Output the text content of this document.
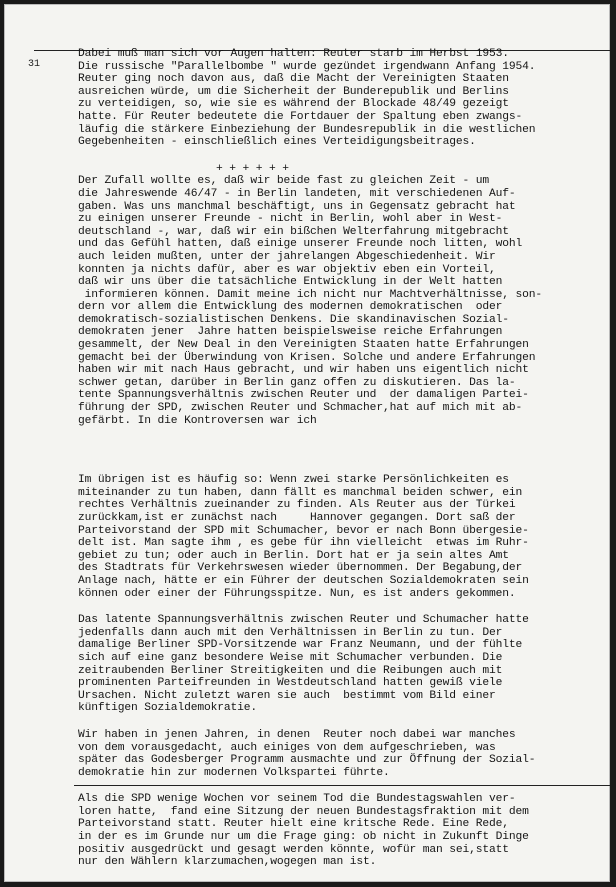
31

Dabei muß man sich vor Augen halten: Reuter starb im Herbst 1953.
Die russische "Parallelbombe " wurde gezündet irgendwann Anfang 1954.
Reuter ging noch davon aus, daß die Macht der Vereinigten Staaten
ausreichen würde, um die Sicherheit der Bunderepublik und Berlins
zu verteidigen, so, wie sie es während der Blockade 48/49 gezeigt
hatte. Für Reuter bedeutete die Fortdauer der Spaltung eben zwangs-
läufig die stärkere Einbeziehung der Bundesrepublik in die westlichen
Gegebenheiten - einschließlich eines Verteidigungsbeitrages.

+ + + + + +
Der Zufall wollte es, daß wir beide fast zu gleichen Zeit - um
die Jahreswende 46/47 - in Berlin landeten, mit verschiedenen Auf-
gaben. Was uns manchmal beschäftigt, uns in Gegensatz gebracht hat
zu einigen unserer Freunde - nicht in Berlin, wohl aber in West-
deutschland -, war, daß wir ein bißchen Welterfahrung mitgebracht
und das Gefühl hatten, daß einige unserer Freunde noch litten, wohl
auch leiden mußten, unter der jahrelangen Abgeschiedenheit. Wir
konnten ja nichts dafür, aber es war objektiv eben ein Vorteil,
daß wir uns über die tatsächliche Entwicklung in der Welt hatten
informieren können. Damit meine ich nicht nur Machtverhältnisse, son-
dern vor allem die Entwicklung des modernen demokratischen  oder
demokratisch-sozialistischen Denkens. Die skandinavischen Sozial-
demokraten jener  Jahre hatten beispielsweise reiche Erfahrungen
gesammelt, der New Deal in den Vereinigten Staaten hatte Erfahrungen
gemacht bei der Überwindung von Krisen. Solche und andere Erfahrungen
haben wir mit nach Haus gebracht, und wir haben uns eigentlich nicht
schwer getan, darüber in Berlin ganz offen zu diskutieren. Das la-
tente Spannungsverhältnis zwischen Reuter und  der damaligen Partei-
führung der SPD, zwischen Reuter und Schmacher,hat auf mich mit ab-
gefärbt. In die Kontroversen war ich

Im übrigen ist es häufig so: Wenn zwei starke Persönlichkeiten es
miteinander zu tun haben, dann fällt es manchmal beiden schwer, ein
rechtes Verhältnis zueinander zu finden. Als Reuter aus der Türkei
zurückkam,ist er zunächst nach     Hannover gegangen. Dort saß der
Parteivorstand der SPD mit Schumacher, bevor er nach Bonn übergesie-
delt ist. Man sagte ihm , es gebe für ihn vielleicht  etwas im Ruhr-
gebiet zu tun; oder auch in Berlin. Dort hat er ja sein altes Amt
des Stadtrats für Verkehrswesen wieder übernommen. Der Begabung,der
Anlage nach, hätte er ein Führer der deutschen Sozialdemokraten sein
können oder einer der Führungsspitze. Nun, es ist anders gekommen.

Das latente Spannungsverhältnis zwischen Reuter und Schumacher hatte
jedenfalls dann auch mit den Verhältnissen in Berlin zu tun. Der
damalige Berliner SPD-Vorsitzende war Franz Neumann, und der fühlte
sich auf eine ganz besondere Weise mit Schumacher verbunden. Die
zeitraubenden Berliner Streitigkeiten und die Reibungen auch mit
prominenten Parteifreunden in Westdeutschland hatten gewiß viele
Ursachen. Nicht zuletzt waren sie auch  bestimmt vom Bild einer
künftigen Sozialdemokratie.

Wir haben in jenen Jahren, in denen  Reuter noch dabei war manches
von dem vorausgedacht, auch einiges von dem aufgeschrieben, was
später das Godesberger Programm ausmachte und zur Öffnung der Sozial-
demokratie hin zur modernen Volkspartei führte.

Als die SPD wenige Wochen vor seinem Tod die Bundestagswahlen ver-
loren hatte,  fand eine Sitzung der neuen Bundestagsfraktion mit dem
Parteivorstand statt. Reuter hielt eine kritsche Rede. Eine Rede,
in der es im Grunde nur um die Frage ging: ob nicht in Zukunft Dinge
positiv ausgedrückt und gesagt werden könnte, wofür man sei,statt
nur den Wählern klarzumachen,wogegen man ist.
